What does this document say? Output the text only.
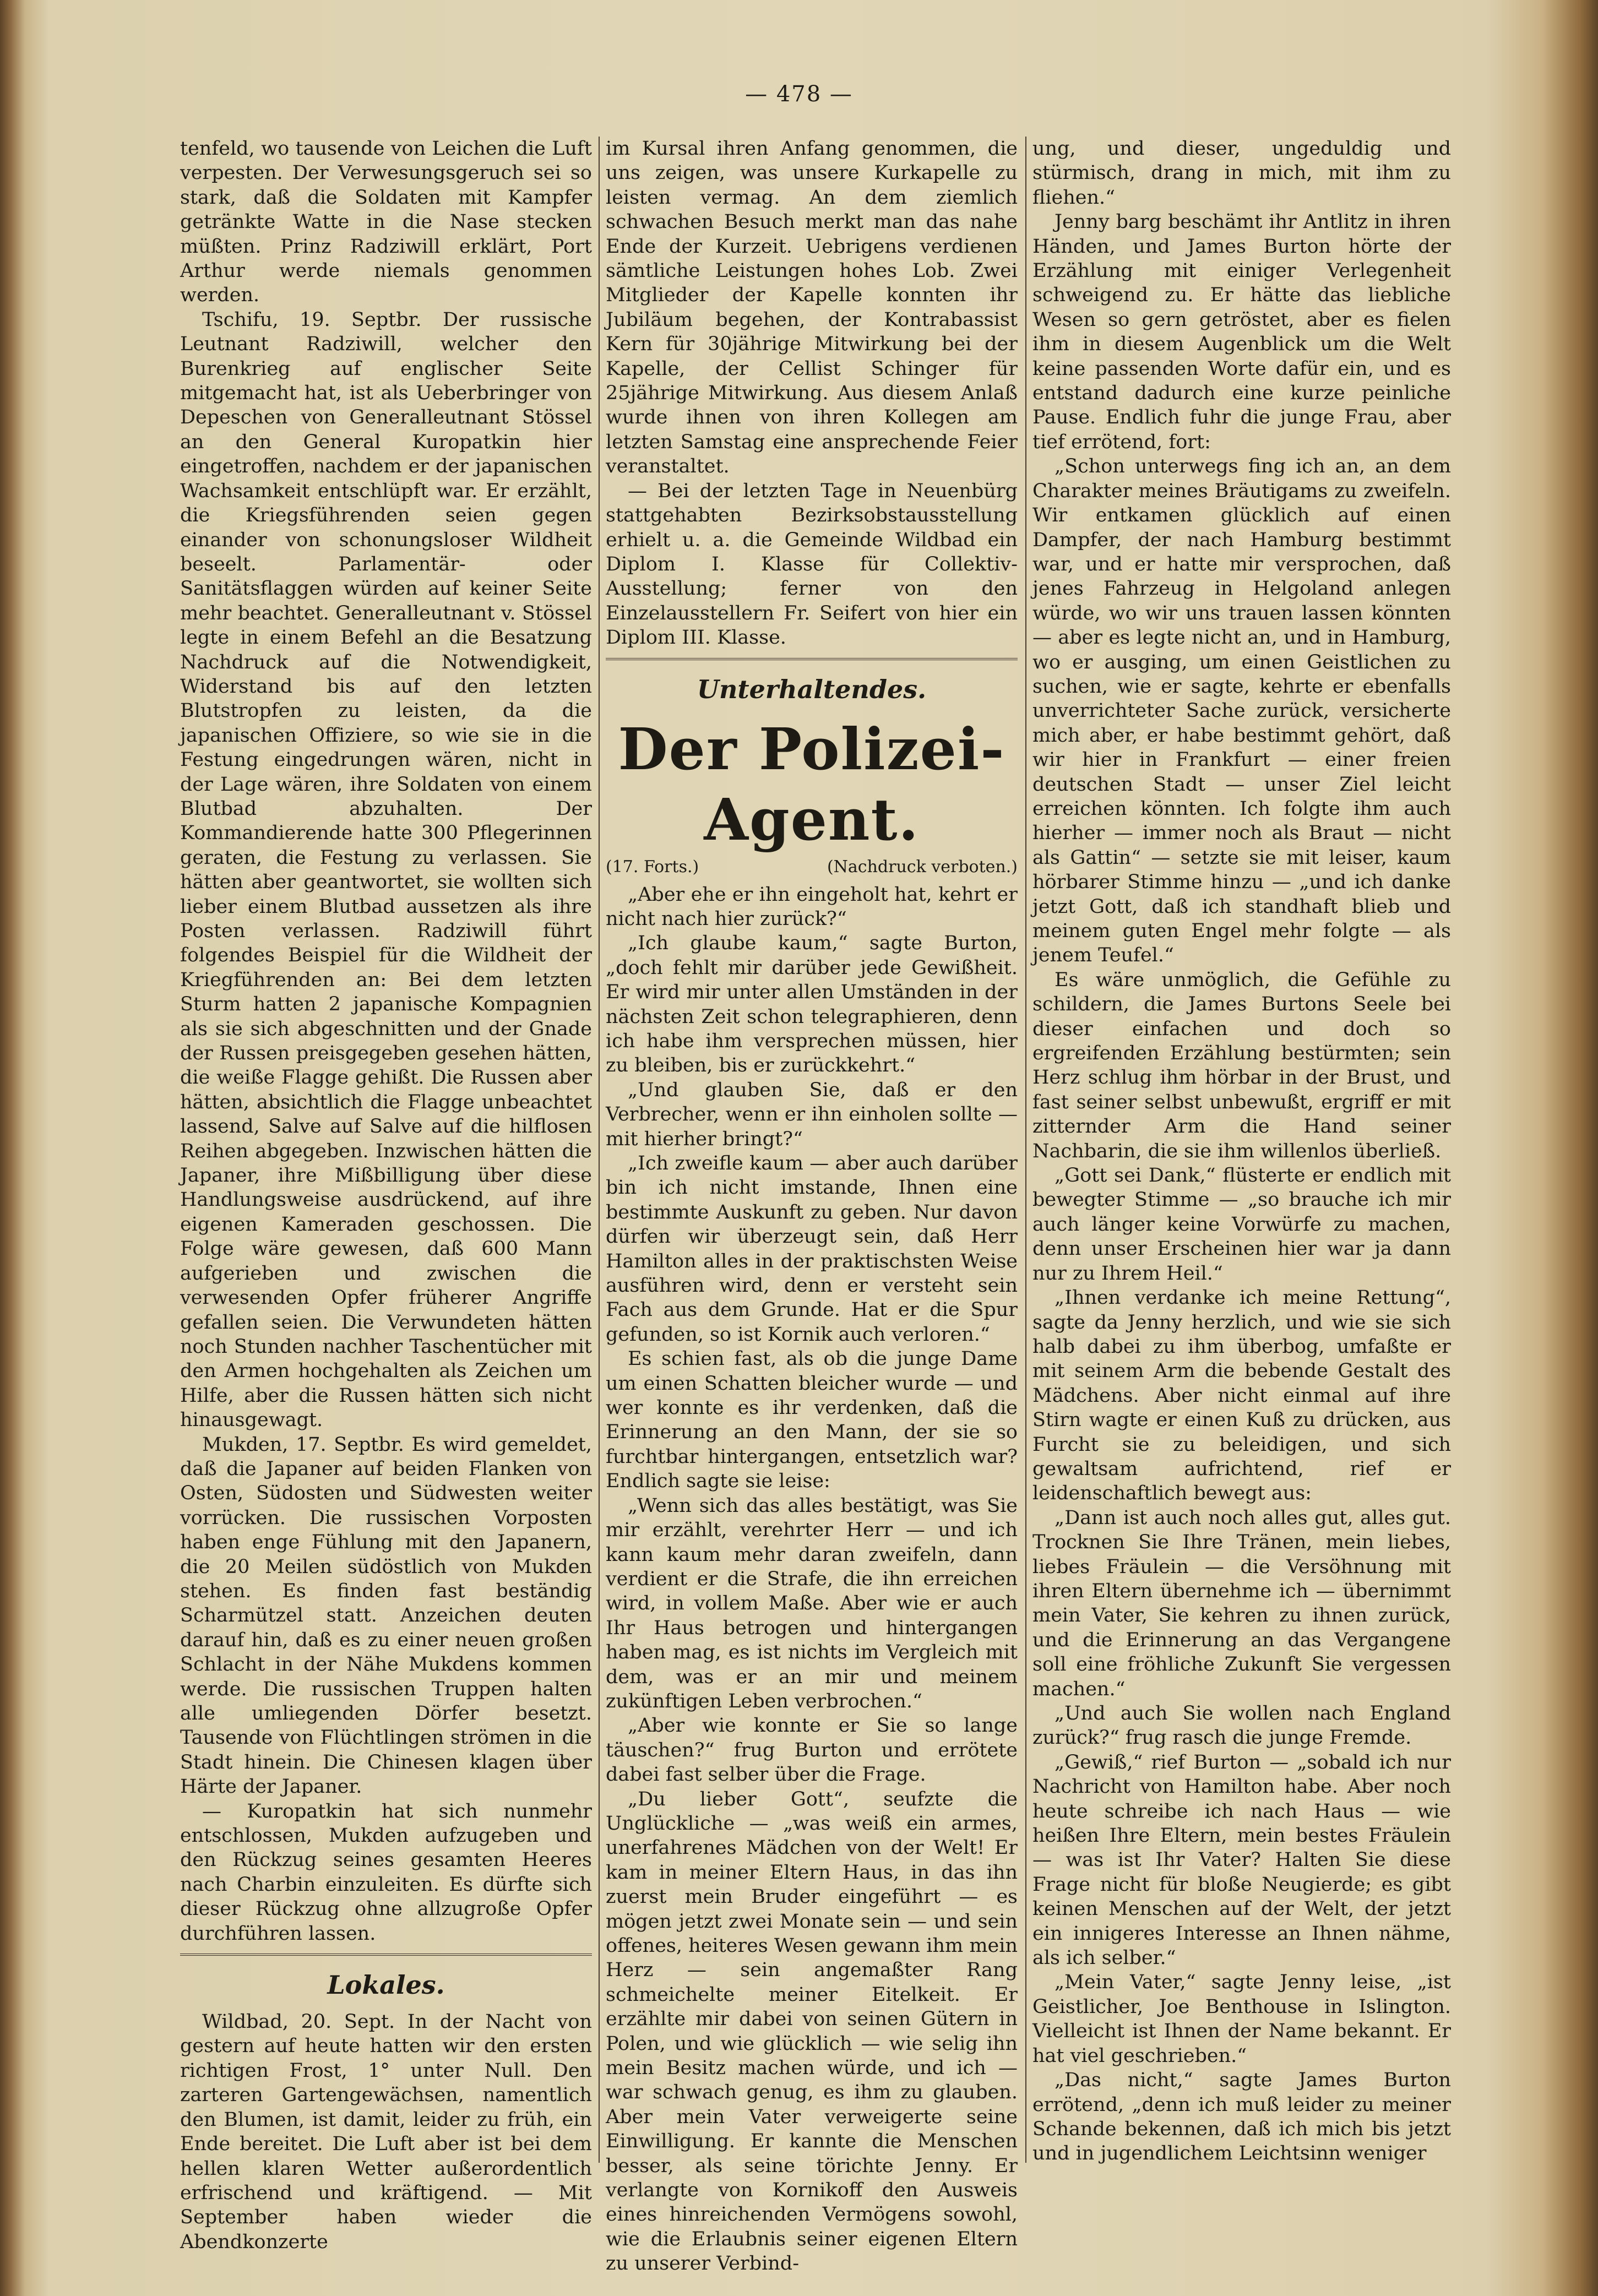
— 478 —

tenfeld, wo tausende von Leichen die Luft verpesten. Der Verwesungsgeruch sei so stark, daß die Soldaten mit Kampfer getränkte Watte in die Nase stecken müßten. Prinz Radziwill erklärt, Port Arthur werde niemals genommen werden.

Tschifu, 19. Septbr. Der russische Leutnant Radziwill, welcher den Burenkrieg auf englischer Seite mitgemacht hat, ist als Ueberbringer von Depeschen von Generalleutnant Stössel an den General Kuropatkin hier eingetroffen, nachdem er der japanischen Wachsamkeit entschlüpft war. Er erzählt, die Kriegsführenden seien gegen einander von schonungsloser Wildheit beseelt. Parlamentär- oder Sanitätsflaggen würden auf keiner Seite mehr beachtet. Generalleutnant v. Stössel legte in einem Befehl an die Besatzung Nachdruck auf die Notwendigkeit, Widerstand bis auf den letzten Blutstropfen zu leisten, da die japanischen Offiziere, so wie sie in die Festung eingedrungen wären, nicht in der Lage wären, ihre Soldaten von einem Blutbad abzuhalten. Der Kommandierende hatte 300 Pflegerinnen geraten, die Festung zu verlassen. Sie hätten aber geantwortet, sie wollten sich lieber einem Blutbad aussetzen als ihre Posten verlassen. Radziwill führt folgendes Beispiel für die Wildheit der Kriegführenden an: Bei dem letzten Sturm hatten 2 japanische Kompagnien als sie sich abgeschnitten und der Gnade der Russen preisgegeben gesehen hätten, die weiße Flagge gehißt. Die Russen aber hätten, absichtlich die Flagge unbeachtet lassend, Salve auf Salve auf die hilflosen Reihen abgegeben. Inzwischen hätten die Japaner, ihre Mißbilligung über diese Handlungsweise ausdrückend, auf ihre eigenen Kameraden geschossen. Die Folge wäre gewesen, daß 600 Mann aufgerieben und zwischen die verwesenden Opfer früherer Angriffe gefallen seien. Die Verwundeten hätten noch Stunden nachher Taschentücher mit den Armen hochgehalten als Zeichen um Hilfe, aber die Russen hätten sich nicht hinausgewagt.

Mukden, 17. Septbr. Es wird gemeldet, daß die Japaner auf beiden Flanken von Osten, Südosten und Südwesten weiter vorrücken. Die russischen Vorposten haben enge Fühlung mit den Japanern, die 20 Meilen südöstlich von Mukden stehen. Es finden fast beständig Scharmützel statt. Anzeichen deuten darauf hin, daß es zu einer neuen großen Schlacht in der Nähe Mukdens kommen werde. Die russischen Truppen halten alle umliegenden Dörfer besetzt. Tausende von Flüchtlingen strömen in die Stadt hinein. Die Chinesen klagen über Härte der Japaner.

— Kuropatkin hat sich nunmehr entschlossen, Mukden aufzugeben und den Rückzug seines gesamten Heeres nach Charbin einzuleiten. Es dürfte sich dieser Rückzug ohne allzugroße Opfer durchführen lassen.

Lokales.

Wildbad, 20. Sept. In der Nacht von gestern auf heute hatten wir den ersten richtigen Frost, 1° unter Null. Den zarteren Gartengewächsen, namentlich den Blumen, ist damit, leider zu früh, ein Ende bereitet. Die Luft aber ist bei dem hellen klaren Wetter außerordentlich erfrischend und kräftigend. — Mit September haben wieder die Abendkonzerte

im Kursal ihren Anfang genommen, die uns zeigen, was unsere Kurkapelle zu leisten vermag. An dem ziemlich schwachen Besuch merkt man das nahe Ende der Kurzeit. Uebrigens verdienen sämtliche Leistungen hohes Lob. Zwei Mitglieder der Kapelle konnten ihr Jubiläum begehen, der Kontrabassist Kern für 30jährige Mitwirkung bei der Kapelle, der Cellist Schinger für 25jährige Mitwirkung. Aus diesem Anlaß wurde ihnen von ihren Kollegen am letzten Samstag eine ansprechende Feier veranstaltet.

— Bei der letzten Tage in Neuenbürg stattgehabten Bezirksobstausstellung erhielt u. a. die Gemeinde Wildbad ein Diplom I. Klasse für Collektiv-Ausstellung; ferner von den Einzelausstellern Fr. Seifert von hier ein Diplom III. Klasse.

Unterhaltendes.
Der Polizei-Agent.
(17. Forts.)	(Nachdruck verboten.)

„Aber ehe er ihn eingeholt hat, kehrt er nicht nach hier zurück?“

„Ich glaube kaum,“ sagte Burton, „doch fehlt mir darüber jede Gewißheit. Er wird mir unter allen Umständen in der nächsten Zeit schon telegraphieren, denn ich habe ihm versprechen müssen, hier zu bleiben, bis er zurückkehrt.“

„Und glauben Sie, daß er den Verbrecher, wenn er ihn einholen sollte — mit hierher bringt?“

„Ich zweifle kaum — aber auch darüber bin ich nicht imstande, Ihnen eine bestimmte Auskunft zu geben. Nur davon dürfen wir überzeugt sein, daß Herr Hamilton alles in der praktischsten Weise ausführen wird, denn er versteht sein Fach aus dem Grunde. Hat er die Spur gefunden, so ist Kornik auch verloren.“

Es schien fast, als ob die junge Dame um einen Schatten bleicher wurde — und wer konnte es ihr verdenken, daß die Erinnerung an den Mann, der sie so furchtbar hintergangen, entsetzlich war? Endlich sagte sie leise:

„Wenn sich das alles bestätigt, was Sie mir erzählt, verehrter Herr — und ich kann kaum mehr daran zweifeln, dann verdient er die Strafe, die ihn erreichen wird, in vollem Maße. Aber wie er auch Ihr Haus betrogen und hintergangen haben mag, es ist nichts im Vergleich mit dem, was er an mir und meinem zukünftigen Leben verbrochen.“

„Aber wie konnte er Sie so lange täuschen?“ frug Burton und errötete dabei fast selber über die Frage.

„Du lieber Gott“, seufzte die Unglückliche — „was weiß ein armes, unerfahrenes Mädchen von der Welt! Er kam in meiner Eltern Haus, in das ihn zuerst mein Bruder eingeführt — es mögen jetzt zwei Monate sein — und sein offenes, heiteres Wesen gewann ihm mein Herz — sein angemaßter Rang schmeichelte meiner Eitelkeit. Er erzählte mir dabei von seinen Gütern in Polen, und wie glücklich — wie selig ihn mein Besitz machen würde, und ich — war schwach genug, es ihm zu glauben. Aber mein Vater verweigerte seine Einwilligung. Er kannte die Menschen besser, als seine törichte Jenny. Er verlangte von Kornikoff den Ausweis eines hinreichenden Vermögens sowohl, wie die Erlaubnis seiner eigenen Eltern zu unserer Verbind-

ung, und dieser, ungeduldig und stürmisch, drang in mich, mit ihm zu fliehen.“

Jenny barg beschämt ihr Antlitz in ihren Händen, und James Burton hörte der Erzählung mit einiger Verlegenheit schweigend zu. Er hätte das liebliche Wesen so gern getröstet, aber es fielen ihm in diesem Augenblick um die Welt keine passenden Worte dafür ein, und es entstand dadurch eine kurze peinliche Pause. Endlich fuhr die junge Frau, aber tief errötend, fort:

„Schon unterwegs fing ich an, an dem Charakter meines Bräutigams zu zweifeln. Wir entkamen glücklich auf einen Dampfer, der nach Hamburg bestimmt war, und er hatte mir versprochen, daß jenes Fahrzeug in Helgoland anlegen würde, wo wir uns trauen lassen könnten — aber es legte nicht an, und in Hamburg, wo er ausging, um einen Geistlichen zu suchen, wie er sagte, kehrte er ebenfalls unverrichteter Sache zurück, versicherte mich aber, er habe bestimmt gehört, daß wir hier in Frankfurt — einer freien deutschen Stadt — unser Ziel leicht erreichen könnten. Ich folgte ihm auch hierher — immer noch als Braut — nicht als Gattin“ — setzte sie mit leiser, kaum hörbarer Stimme hinzu — „und ich danke jetzt Gott, daß ich standhaft blieb und meinem guten Engel mehr folgte — als jenem Teufel.“

Es wäre unmöglich, die Gefühle zu schildern, die James Burtons Seele bei dieser einfachen und doch so ergreifenden Erzählung bestürmten; sein Herz schlug ihm hörbar in der Brust, und fast seiner selbst unbewußt, ergriff er mit zitternder Arm die Hand seiner Nachbarin, die sie ihm willenlos überließ.

„Gott sei Dank,“ flüsterte er endlich mit bewegter Stimme — „so brauche ich mir auch länger keine Vorwürfe zu machen, denn unser Erscheinen hier war ja dann nur zu Ihrem Heil.“

„Ihnen verdanke ich meine Rettung“, sagte da Jenny herzlich, und wie sie sich halb dabei zu ihm überbog, umfaßte er mit seinem Arm die bebende Gestalt des Mädchens. Aber nicht einmal auf ihre Stirn wagte er einen Kuß zu drücken, aus Furcht sie zu beleidigen, und sich gewaltsam aufrichtend, rief er leidenschaftlich bewegt aus:

„Dann ist auch noch alles gut, alles gut. Trocknen Sie Ihre Tränen, mein liebes, liebes Fräulein — die Versöhnung mit ihren Eltern übernehme ich — übernimmt mein Vater, Sie kehren zu ihnen zurück, und die Erinnerung an das Vergangene soll eine fröhliche Zukunft Sie vergessen machen.“

„Und auch Sie wollen nach England zurück?“ frug rasch die junge Fremde.

„Gewiß,“ rief Burton — „sobald ich nur Nachricht von Hamilton habe. Aber noch heute schreibe ich nach Haus — wie heißen Ihre Eltern, mein bestes Fräulein — was ist Ihr Vater? Halten Sie diese Frage nicht für bloße Neugierde; es gibt keinen Menschen auf der Welt, der jetzt ein innigeres Interesse an Ihnen nähme, als ich selber.“

„Mein Vater,“ sagte Jenny leise, „ist Geistlicher, Joe Benthouse in Islington. Vielleicht ist Ihnen der Name bekannt. Er hat viel geschrieben.“

„Das nicht,“ sagte James Burton errötend, „denn ich muß leider zu meiner Schande bekennen, daß ich mich bis jetzt und in jugendlichem Leichtsinn weniger
